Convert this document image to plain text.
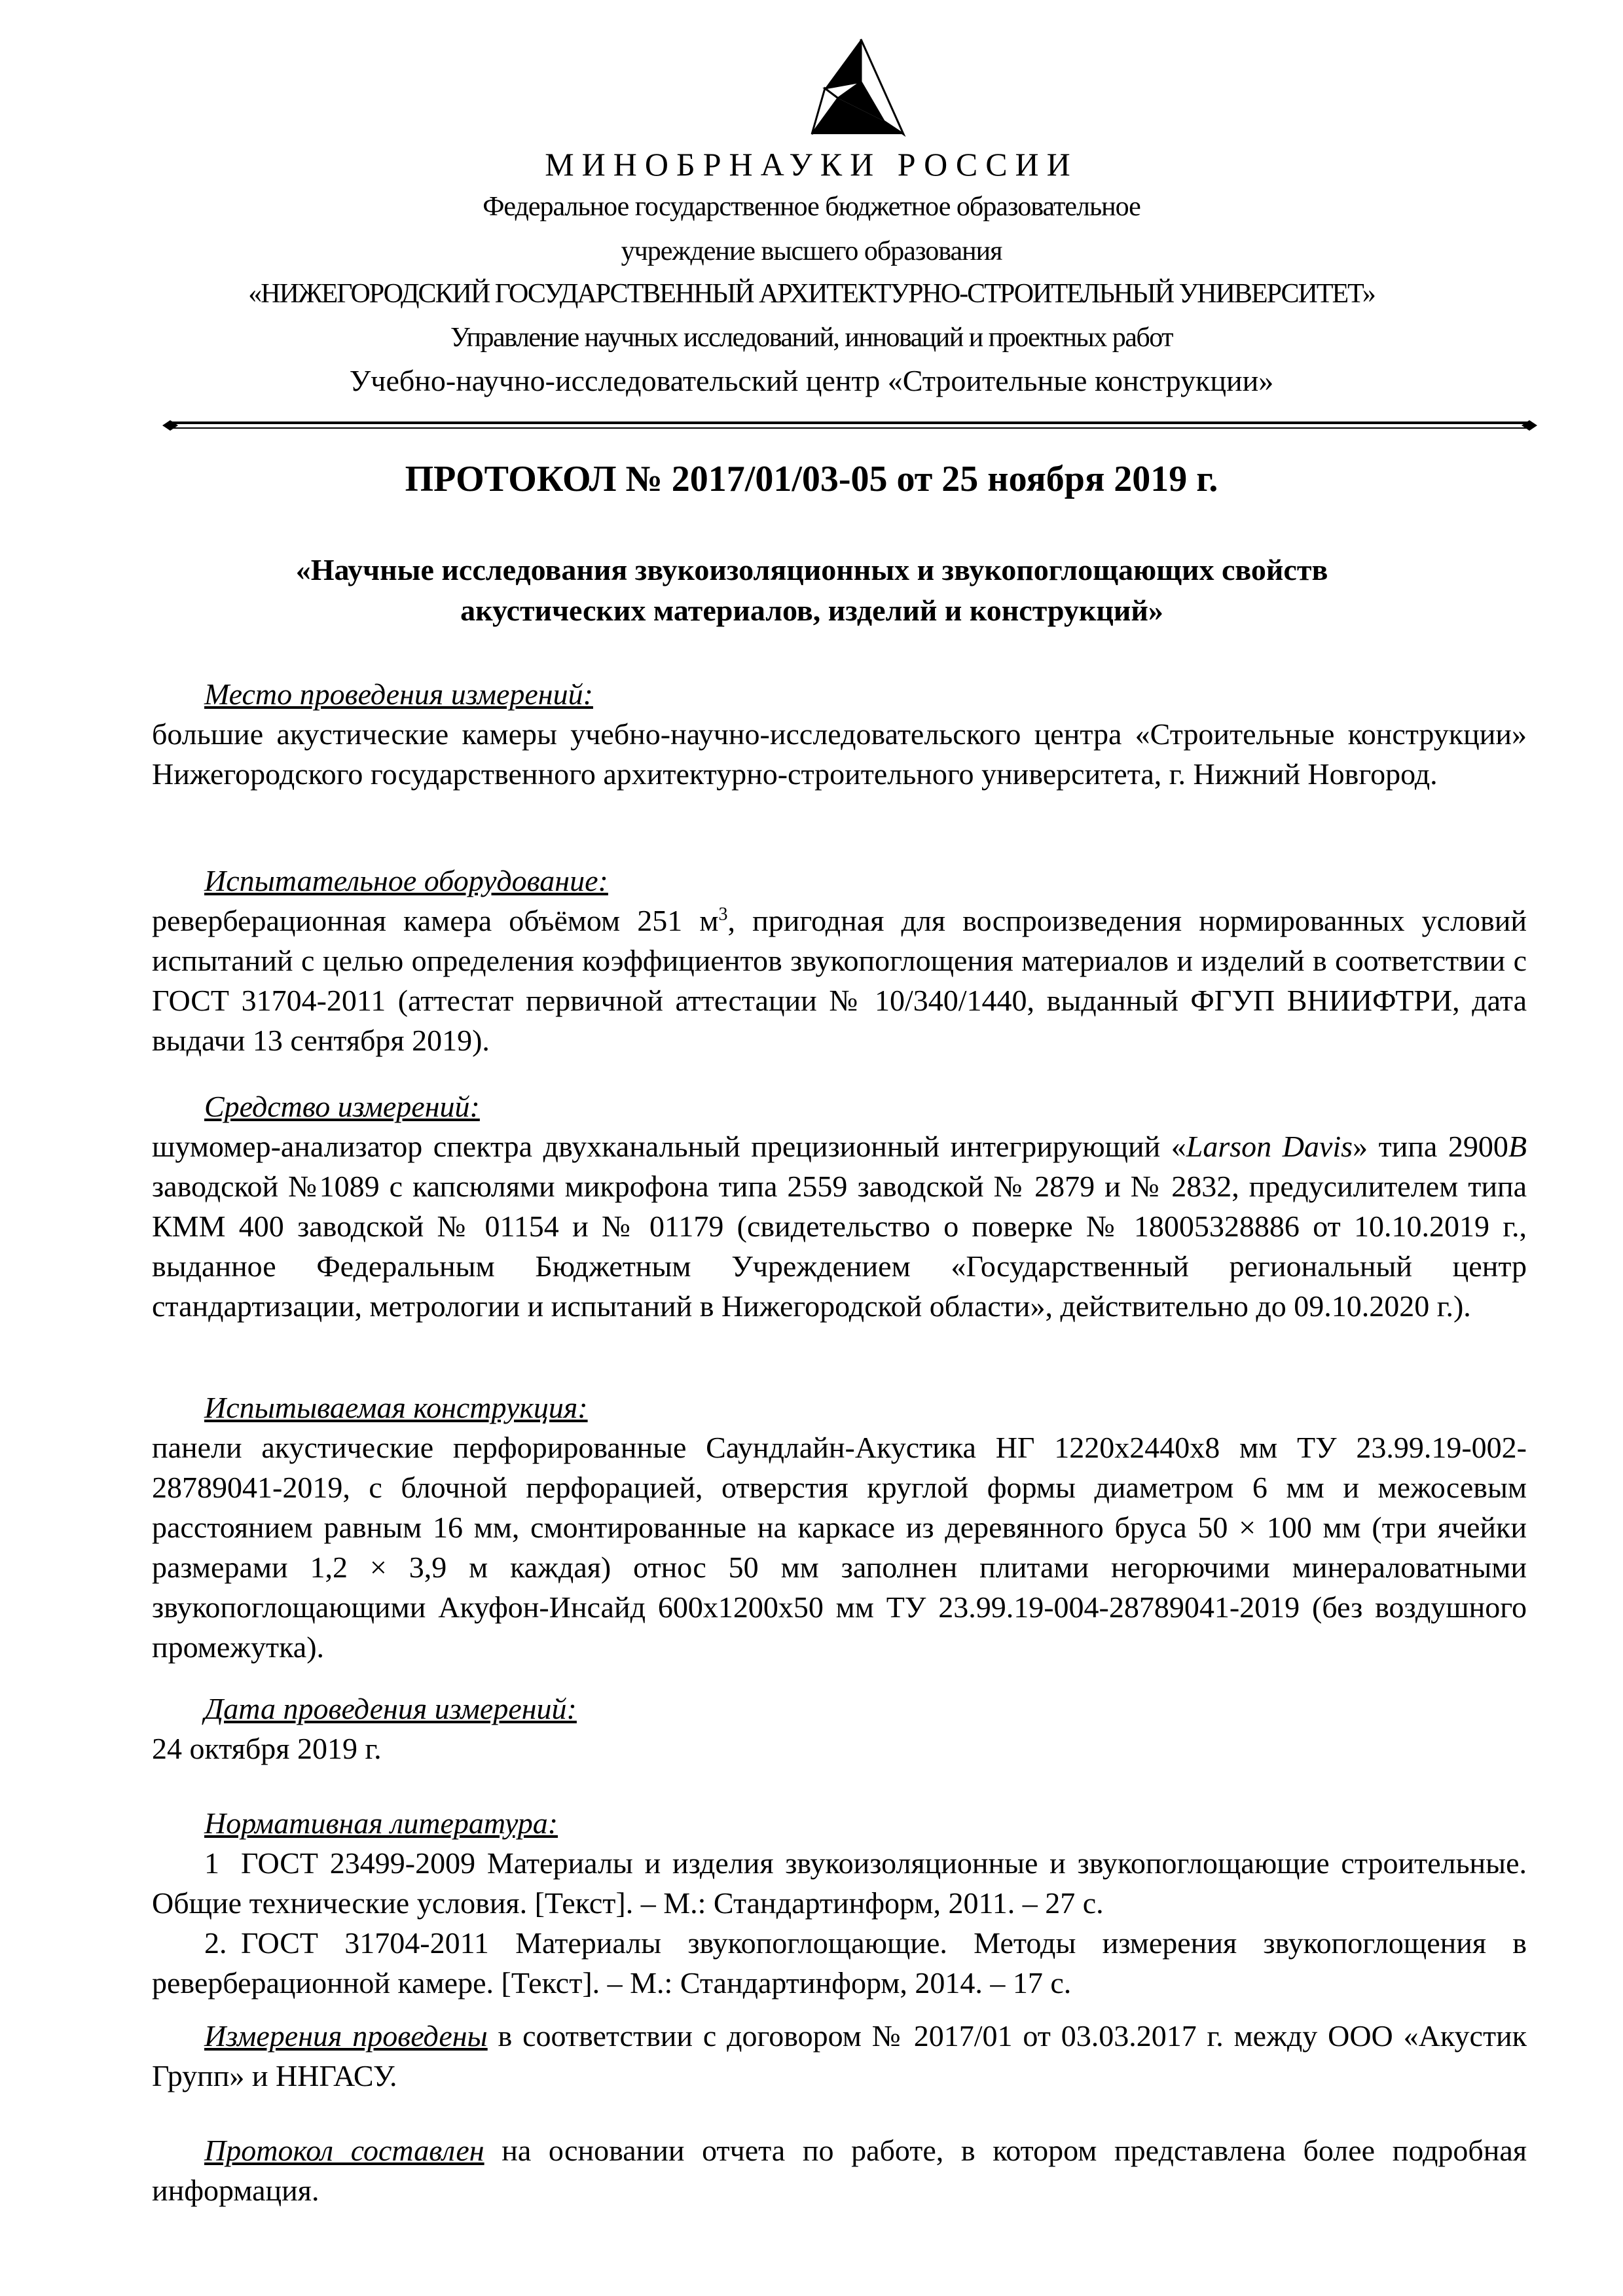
МИНОБРНАУКИ РОССИИ
Федеральное государственное бюджетное образовательное
учреждение высшего образования
«НИЖЕГОРОДСКИЙ ГОСУДАРСТВЕННЫЙ АРХИТЕКТУРНО-СТРОИТЕЛЬНЫЙ УНИВЕРСИТЕТ»
Управление научных исследований, инноваций и проектных работ
Учебно-научно-исследовательский центр «Строительные конструкции»
ПРОТОКОЛ № 2017/01/03-05 от 25 ноября 2019 г.
«Научные исследования звукоизоляционных и звукопоглощающих свойств
акустических материалов, изделий и конструкций»
Место проведения измерений:
большие акустические камеры учебно-научно-исследовательского центра «Строительные конструкции» Нижегородского государственного архитектурно-строительного университета, г. Нижний Новгород.
Испытательное оборудование:
реверберационная камера объёмом 251 $м^3$, пригодная для воспроизведения нормированных условий испытаний с целью определения коэффициентов звукопоглощения материалов и изделий в соответствии с ГОСТ 31704-2011 (аттестат первичной аттестации № 10/340/1440, выданный ФГУП ВНИИФТРИ, дата выдачи 13 сентября 2019).
Средство измерений:
шумомер-анализатор спектра двухканальный прецизионный интегрирующий «Larson Davis» типа 2900B заводской №1089 с капсюлями микрофона типа 2559 заводской № 2879 и № 2832, предусилителем типа КММ 400 заводской № 01154 и № 01179 (свидетельство о поверке № 18005328886 от 10.10.2019 г., выданное Федеральным Бюджетным Учреждением «Государственный региональный центр стандартизации, метрологии и испытаний в Нижегородской области», действительно до 09.10.2020 г.).
Испытываемая конструкция:
панели акустические перфорированные Саундлайн-Акустика НГ 1220х2440х8 мм ТУ 23.99.19-002-28789041-2019, с блочной перфорацией, отверстия круглой формы диаметром 6 мм и межосевым расстоянием равным 16 мм, смонтированные на каркасе из деревянного бруса 50 × 100 мм (три ячейки размерами 1,2 × 3,9 м каждая) относ 50 мм заполнен плитами негорючими минераловатными звукопоглощающими Акуфон-Инсайд 600х1200х50 мм ТУ 23.99.19-004-28789041-2019 (без воздушного промежутка).
Дата проведения измерений:
24 октября 2019 г.
Нормативная литература:
1 ГОСТ 23499-2009 Материалы и изделия звукоизоляционные и звукопоглощающие строительные. Общие технические условия. [Текст]. – М.: Стандартинформ, 2011. – 27 с.
2. ГОСТ 31704-2011 Материалы звукопоглощающие. Методы измерения звукопоглощения в реверберационной камере. [Текст]. – М.: Стандартинформ, 2014. – 17 с.
Измерения проведены в соответствии с договором № 2017/01 от 03.03.2017 г. между ООО «Акустик Групп» и ННГАСУ.
Протокол составлен на основании отчета по работе, в котором представлена более подробная информация.
